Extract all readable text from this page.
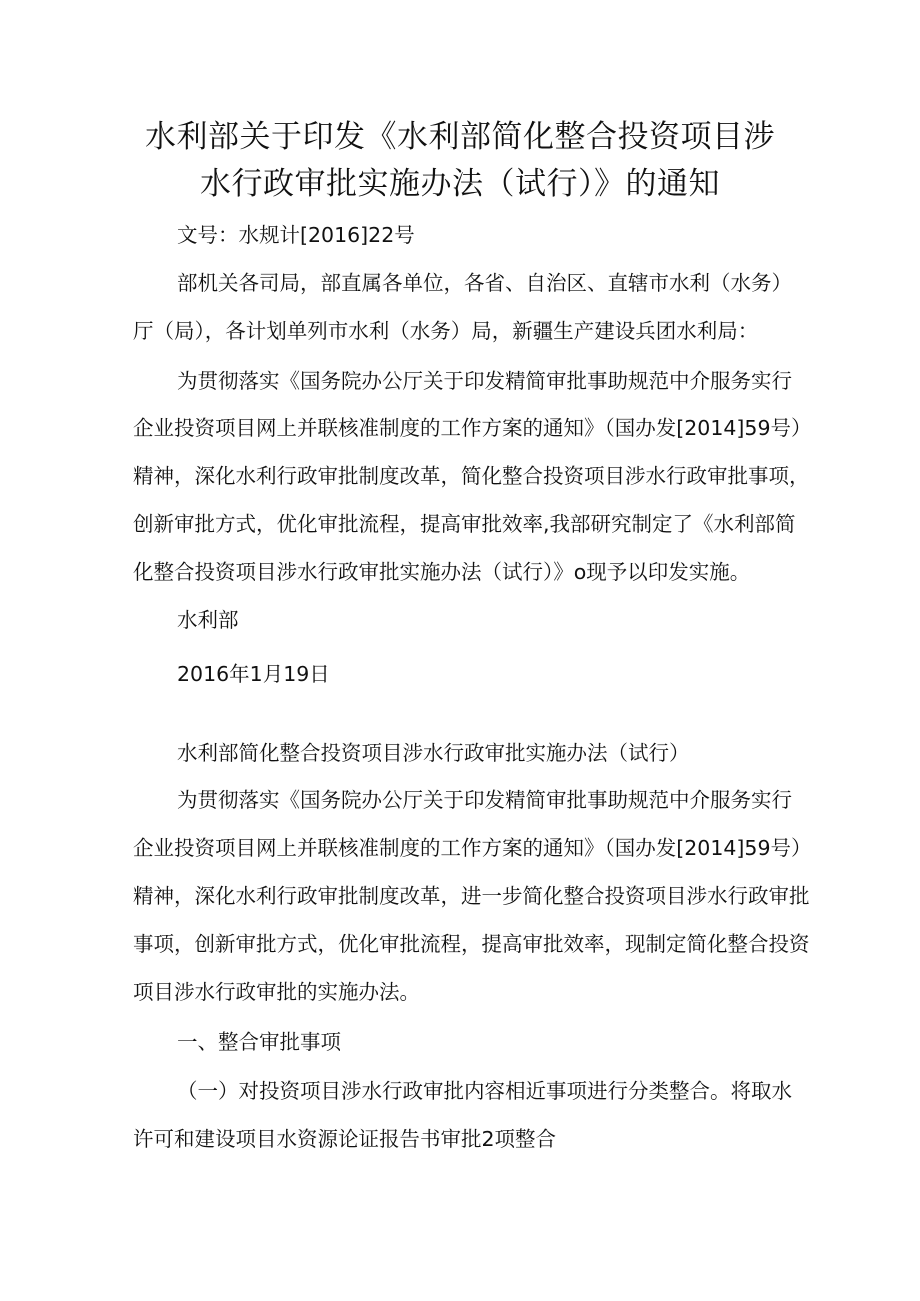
水利部关于印发《水利部简化整合投资项目涉
水行政审批实施办法（试行）》的通知

文号：水规计[2016]22号

部机关各司局，部直属各单位，各省、自治区、直辖市水利（水务）

厅（局），各计划单列市水利（水务）局，新疆生产建设兵团水利局：

为贯彻落实《国务院办公厅关于印发精简审批事助规范中介服务实行

企业投资项目网上并联核准制度的工作方案的通知》（国办发[2014]59号）

精神，深化水利行政审批制度改革，简化整合投资项目涉水行政审批事项，

创新审批方式，优化审批流程，提高审批效率,我部研究制定了《水利部简

化整合投资项目涉水行政审批实施办法（试行）》o现予以印发实施。

水利部

2016年1月19日

水利部简化整合投资项目涉水行政审批实施办法（试行）

为贯彻落实《国务院办公厅关于印发精简审批事助规范中介服务实行

企业投资项目网上并联核准制度的工作方案的通知》（国办发[2014]59号）

精神，深化水利行政审批制度改革，进一步简化整合投资项目涉水行政审批

事项，创新审批方式，优化审批流程，提高审批效率，现制定简化整合投资

项目涉水行政审批的实施办法。

一、整合审批事项

（一）对投资项目涉水行政审批内容相近事项进行分类整合。将取水

许可和建设项目水资源论证报告书审批2项整合
